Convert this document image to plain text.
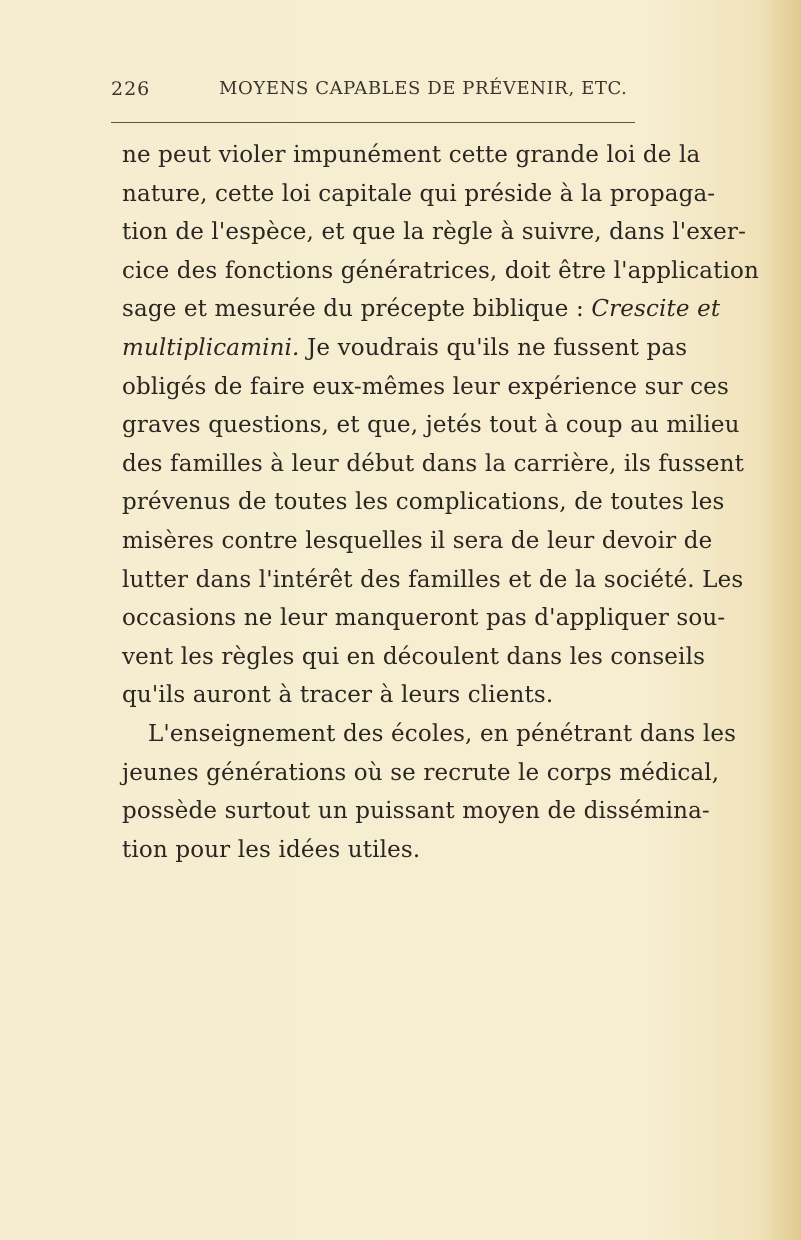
226	MOYENS CAPABLES DE PRÉVENIR, ETC.
ne peut violer impunément cette grande loi de la
nature, cette loi capitale qui préside à la propaga-
tion de l'espèce, et que la règle à suivre, dans l'exer-
cice des fonctions génératrices, doit être l'application
sage et mesurée du précepte biblique : Crescite et
multiplicamini. Je voudrais qu'ils ne fussent pas
obligés de faire eux-mêmes leur expérience sur ces
graves questions, et que, jetés tout à coup au milieu
des familles à leur début dans la carrière, ils fussent
prévenus de toutes les complications, de toutes les
misères contre lesquelles il sera de leur devoir de
lutter dans l'intérêt des familles et de la société. Les
occasions ne leur manqueront pas d'appliquer sou-
vent les règles qui en découlent dans les conseils
qu'ils auront à tracer à leurs clients.
L'enseignement des écoles, en pénétrant dans les
jeunes générations où se recrute le corps médical,
possède surtout un puissant moyen de dissémina-
tion pour les idées utiles.
